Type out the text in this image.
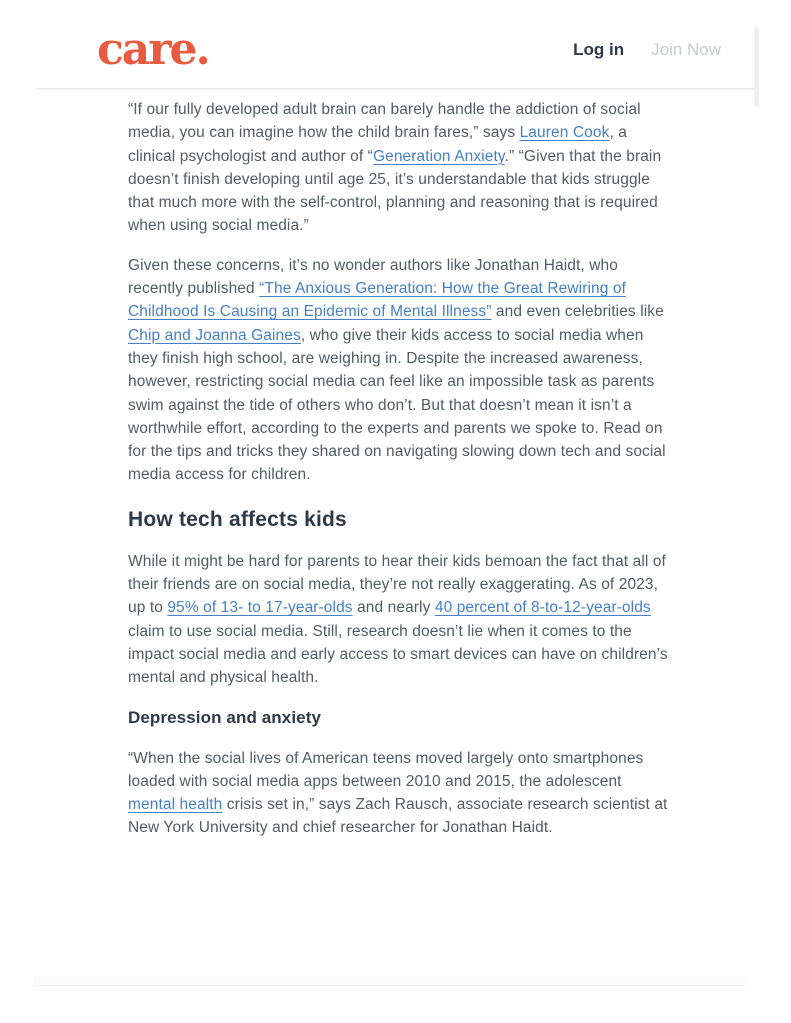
care.	Log in Join Now

“If our fully developed adult brain can barely handle the addiction of social media, you can imagine how the child brain fares,” says Lauren Cook, a clinical psychologist and author of “Generation Anxiety.” “Given that the brain doesn’t finish developing until age 25, it’s understandable that kids struggle that much more with the self-control, planning and reasoning that is required when using social media.”

Given these concerns, it’s no wonder authors like Jonathan Haidt, who recently published “The Anxious Generation: How the Great Rewiring of Childhood Is Causing an Epidemic of Mental Illness” and even celebrities like Chip and Joanna Gaines, who give their kids access to social media when they finish high school, are weighing in. Despite the increased awareness, however, restricting social media can feel like an impossible task as parents swim against the tide of others who don’t. But that doesn’t mean it isn’t a worthwhile effort, according to the experts and parents we spoke to. Read on for the tips and tricks they shared on navigating slowing down tech and social media access for children.

How tech affects kids

While it might be hard for parents to hear their kids bemoan the fact that all of their friends are on social media, they’re not really exaggerating. As of 2023, up to 95% of 13- to 17-year-olds and nearly 40 percent of 8-to-12-year-olds claim to use social media. Still, research doesn’t lie when it comes to the impact social media and early access to smart devices can have on children’s mental and physical health.

Depression and anxiety

“When the social lives of American teens moved largely onto smartphones loaded with social media apps between 2010 and 2015, the adolescent mental health crisis set in,” says Zach Rausch, associate research scientist at New York University and chief researcher for Jonathan Haidt.
